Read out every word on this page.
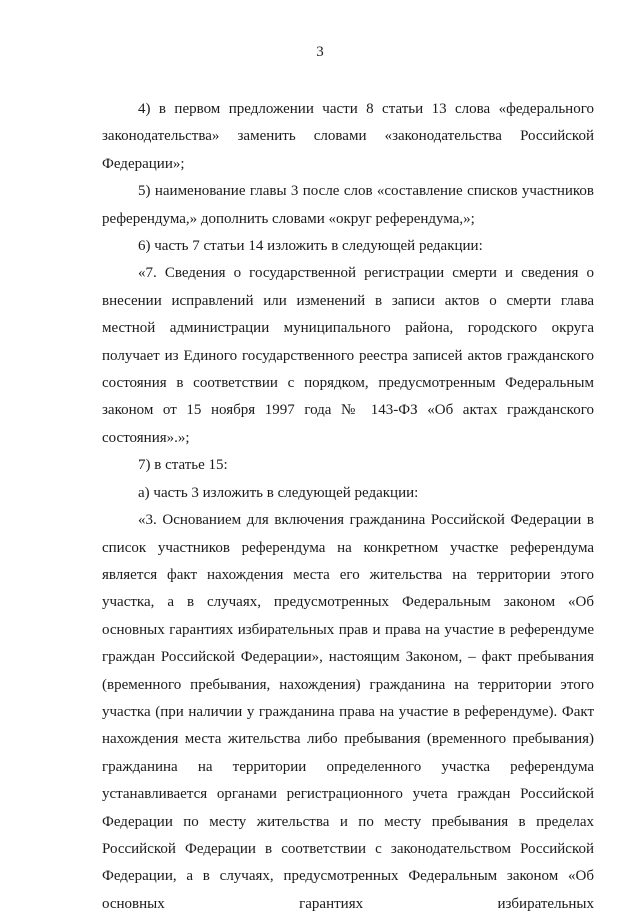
3

4) в первом предложении части 8 статьи 13 слова «федерального законодательства» заменить словами «законодательства Российской Федерации»;

5) наименование главы 3 после слов «составление списков участников референдума,» дополнить словами «округ референдума,»;

6) часть 7 статьи 14 изложить в следующей редакции:

«7. Сведения о государственной регистрации смерти и сведения о внесении исправлений или изменений в записи актов о смерти глава местной администрации муниципального района, городского округа получает из Единого государственного реестра записей актов гражданского состояния в соответствии с порядком, предусмотренным Федеральным законом от 15 ноября 1997 года № 143-ФЗ «Об актах гражданского состояния».»;

7) в статье 15:

а) часть 3 изложить в следующей редакции:

«3. Основанием для включения гражданина Российской Федерации в список участников референдума на конкретном участке референдума является факт нахождения места его жительства на территории этого участка, а в случаях, предусмотренных Федеральным законом «Об основных гарантиях избирательных прав и права на участие в референдуме граждан Российской Федерации», настоящим Законом, – факт пребывания (временного пребывания, нахождения) гражданина на территории этого участка (при наличии у гражданина права на участие в референдуме). Факт нахождения места жительства либо пребывания (временного пребывания) гражданина на территории определенного участка референдума устанавливается органами регистрационного учета граждан Российской Федерации по месту жительства и по месту пребывания в пределах Российской Федерации в соответствии с законодательством Российской Федерации, а в случаях, предусмотренных Федеральным законом «Об основных гарантиях избирательных
